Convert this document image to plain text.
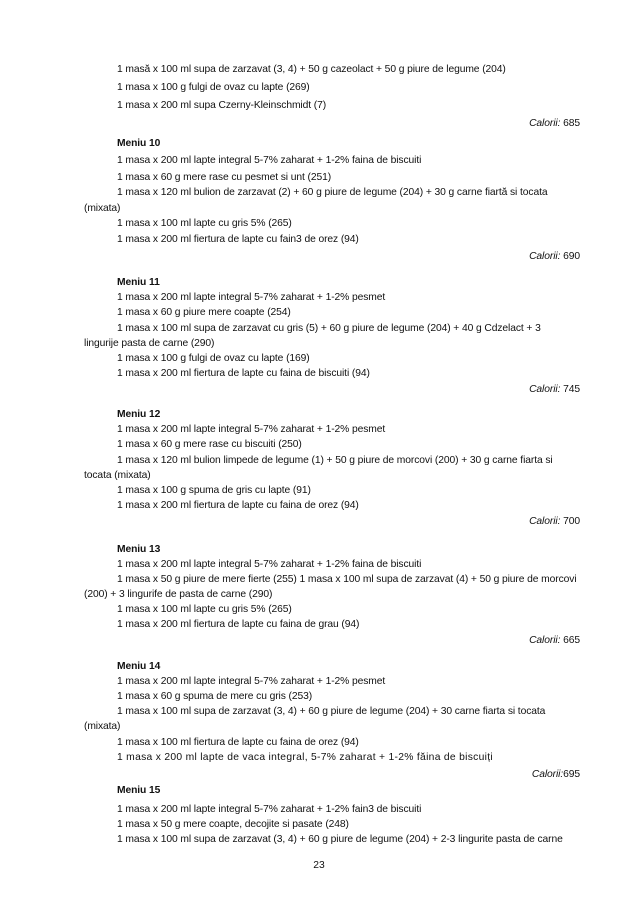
1 masă x 100 ml supa de zarzavat (3, 4) + 50 g cazeolact + 50 g piure de legume (204)
1 masa x 100 g fulgi de ovaz cu lapte (269)
1 masa x 200 ml supa Czerny-Kleinschmidt (7)
Calorii: 685
Meniu 10
1 masa x 200 ml lapte integral 5-7% zaharat + 1-2% faina de biscuiti
1 masa x 60 g mere rase cu pesmet si unt (251)
1 masa x 120 ml bulion de zarzavat (2) + 60 g piure de legume (204) + 30 g carne fiartă si tocata
(mixata)
1 masa x 100 ml lapte cu gris 5% (265)
1 masa x 200 ml fiertura de lapte cu fain3 de orez (94)
Calorii: 690
Meniu 11
1 masa x 200 ml lapte integral 5-7% zaharat + 1-2% pesmet
1 masa x 60 g piure mere coapte (254)
1 masa x 100 ml supa de zarzavat cu gris (5) + 60 g piure de legume (204) + 40 g Cdzelact + 3
lingurije pasta de carne (290)
1 masa x 100 g fulgi de ovaz cu lapte (169)
1 masa x 200 ml fiertura de lapte cu faina de biscuiti (94)
Calorii: 745
Meniu 12
1 masa x 200 ml lapte integral 5-7% zaharat + 1-2% pesmet
1 masa x 60 g mere rase cu biscuiti (250)
1 masa x 120 ml bulion limpede de legume (1) + 50 g piure de morcovi (200) + 30 g carne fiarta si
tocata (mixata)
1 masa x 100 g spuma de gris cu lapte (91)
1 masa x 200 ml fiertura de lapte cu faina de orez (94)
Calorii: 700
Meniu 13
1 masa x 200 ml lapte integral 5-7% zaharat + 1-2% faina de biscuiti
1 masa x 50 g piure de mere fierte (255) 1 masa x 100 ml supa de zarzavat (4) + 50 g piure de morcovi
(200) + 3 lingurife de pasta de carne (290)
1 masa x 100 ml lapte cu gris 5% (265)
1 masa x 200 ml fiertura de lapte cu faina de grau (94)
Calorii: 665
Meniu 14
1 masa x 200 ml lapte integral 5-7% zaharat + 1-2% pesmet
1 masa x 60 g spuma de mere cu gris (253)
1 masa x 100 ml supa de zarzavat (3, 4) + 60 g piure de legume (204) + 30 carne fiarta si tocata
(mixata)
1 masa x 100 ml fiertura de lapte cu faina de orez (94)
1 masa x 200 ml lapte de vaca integral, 5-7% zaharat + 1-2% făina de biscuiți
Calorii:695
Meniu 15
1 masa x 200 ml lapte integral 5-7% zaharat + 1-2% fain3 de biscuiti
1 masa x 50 g mere coapte, decojite si pasate (248)
1 masa x 100 ml supa de zarzavat (3, 4) + 60 g piure de legume (204) + 2-3 lingurite pasta de carne
23
